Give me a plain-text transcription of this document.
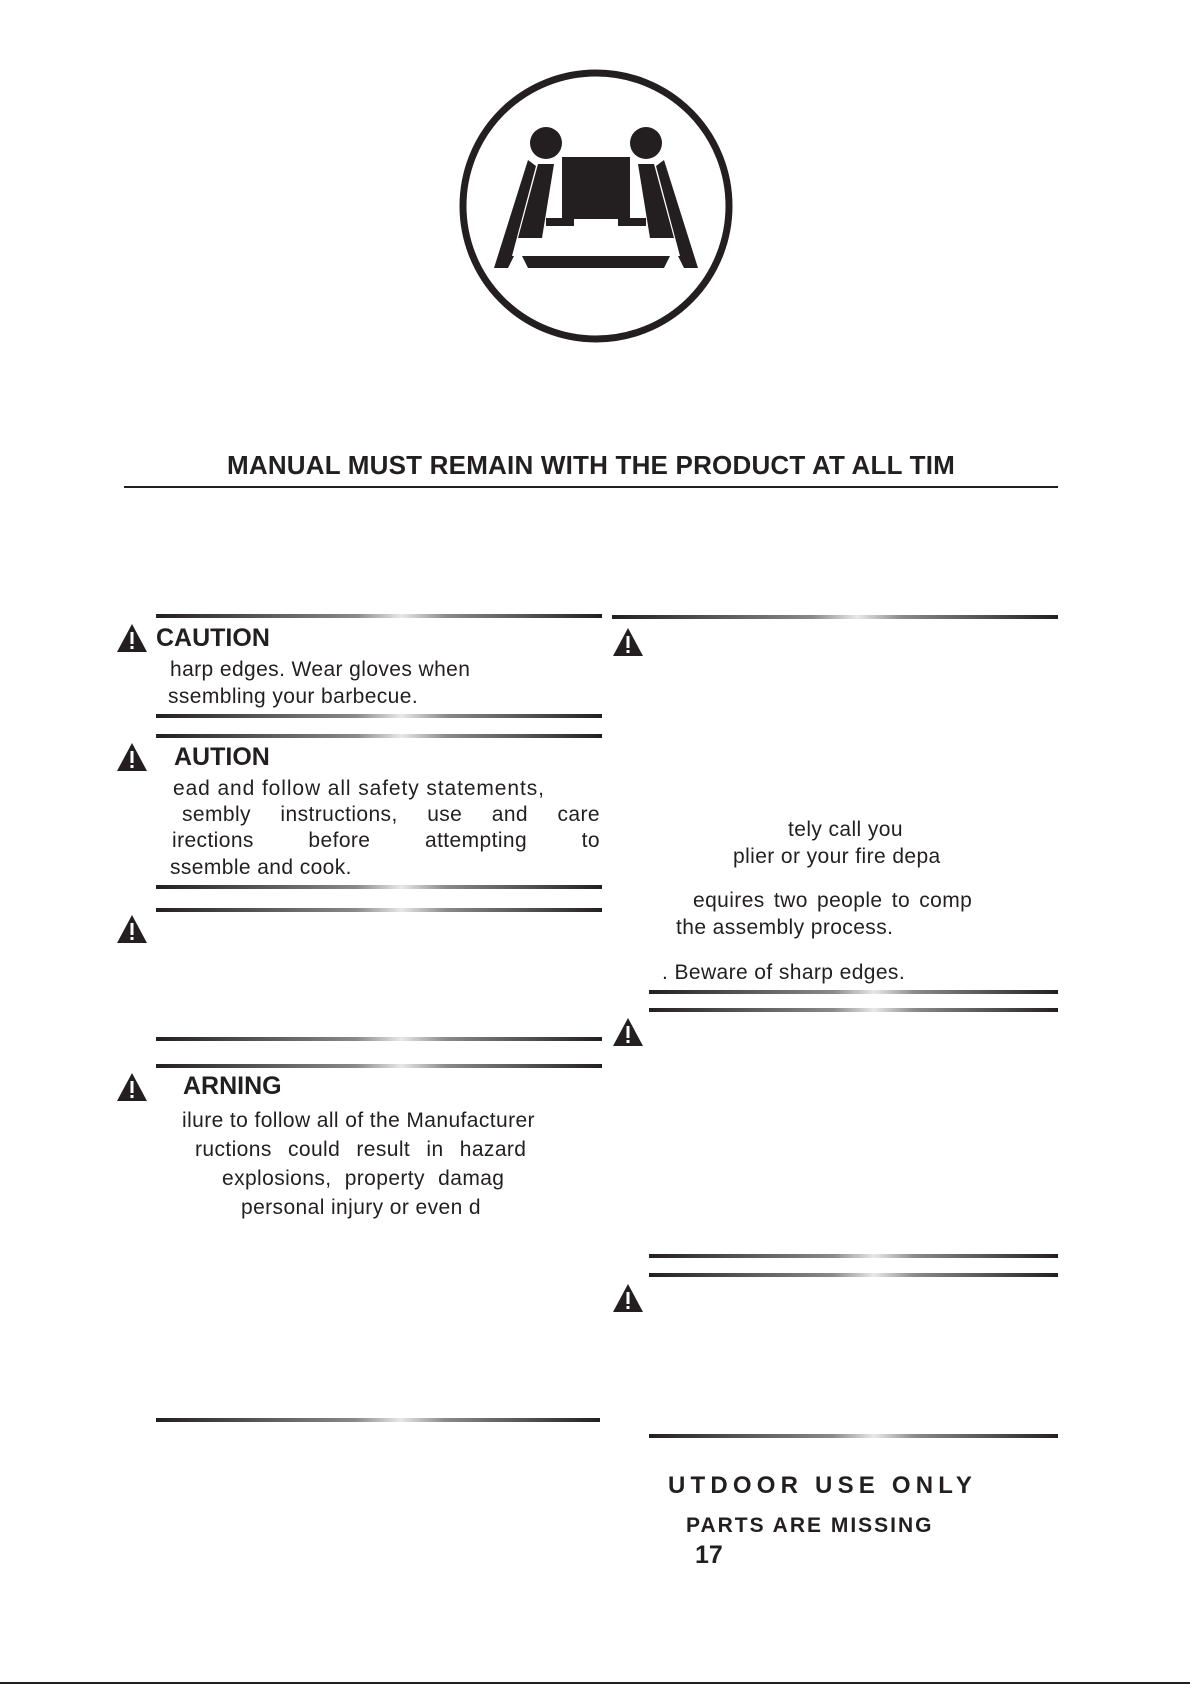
MANUAL MUST REMAIN WITH THE PRODUCT AT ALL TIM
CAUTION
harp edges. Wear gloves when
ssembling your barbecue.
AUTION
ead and follow all safety statements,
sembly instructions, use and care
irections before attempting to
ssemble and cook.
ARNING
ilure to follow all of the Manufacturer
ructions could result in hazard
explosions, property damag
personal injury or even d
tely call you
plier or your fire depa
equires two people to comp
the assembly process.
. Beware of sharp edges.
UTDOOR USE ONLY
PARTS ARE MISSING
17
